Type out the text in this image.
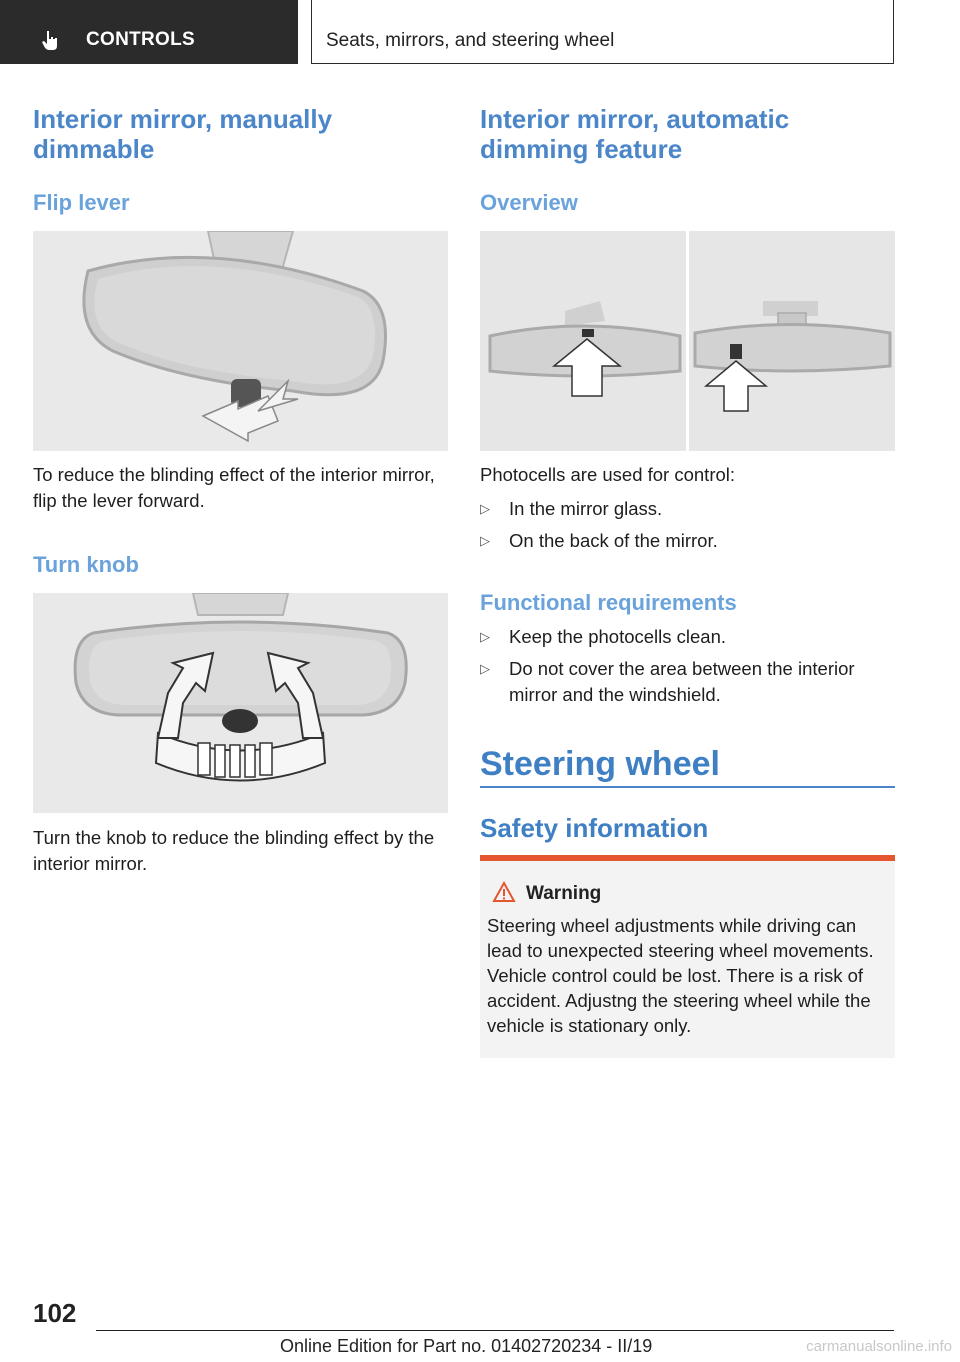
CONTROLS	Seats, mirrors, and steering wheel
Interior mirror, manually dimmable
Flip lever
To reduce the blinding effect of the interior mirror, flip the lever forward.
Turn knob
Turn the knob to reduce the blinding effect by the interior mirror.
Interior mirror, automatic dimming feature
Overview
Photocells are used for control:
▷ In the mirror glass.
▷ On the back of the mirror.
Functional requirements
▷ Keep the photocells clean.
▷ Do not cover the area between the interior mirror and the windshield.
Steering wheel
Safety information
Warning
Steering wheel adjustments while driving can lead to unexpected steering wheel movements. Vehicle control could be lost. There is a risk of accident. Adjustng the steering wheel while the vehicle is stationary only.
102
Online Edition for Part no. 01402720234 - II/19	carmanualsonline.info
